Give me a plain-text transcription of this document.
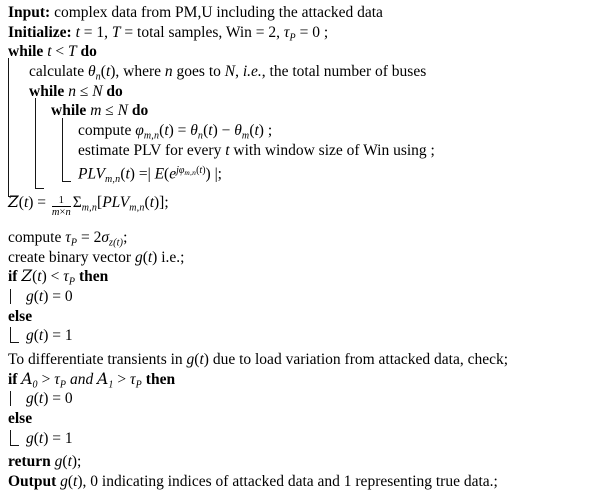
Input: complex data from PM,U including the attacked data
Initialize: t = 1, T = total samples, Win = 2, $\tau_P = 0$ ;
while t < T do
calculate $\theta_n(t)$, where n goes to N, i.e., the total number of buses
while n ≤ N do
while m ≤ N do
compute $\varphi_{m,n}(t) = \theta_n(t) - \theta_m(t)$ ;
estimate PLV for every t with window size of Win using ;
$PLV_{m,n}(t)$ =| $E(e^{j\varphi_{m,n}(t)})$ |;
$Z(t) = \frac{1}{m\times n} \Sigma_{m,n}[PLV_{m,n}(t)]$;
compute $\tau_P = 2\sigma_{z(t)}$;
create binary vector g(t) i.e.;
if $Z(t) < \tau_P$ then
g(t) = 0
else
g(t) = 1
To differentiate transients in g(t) due to load variation from attacked data, check;
if $A_0 > \tau_P$ and $A_1 > \tau_P$ then
g(t) = 0
else
g(t) = 1
return g(t);
Output g(t), 0 indicating indices of attacked data and 1 representing true data.;
